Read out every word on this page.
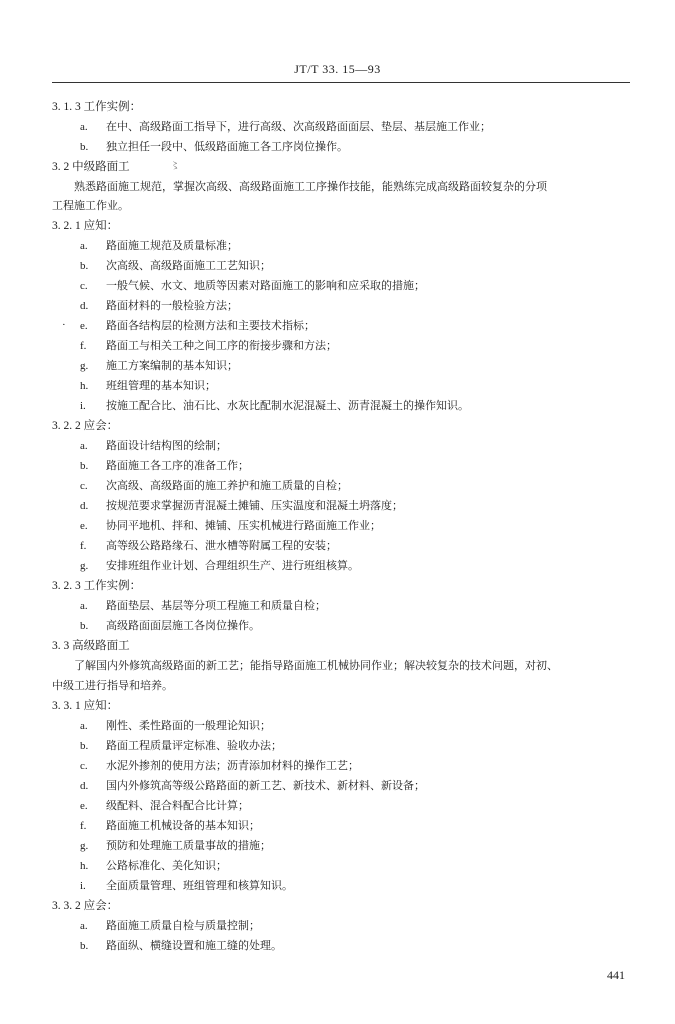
JT/T 33. 15—93
3. 1. 3 工作实例：
a. 在中、高级路面工指导下，进行高级、次高级路面面层、垫层、基层施工作业；
b. 独立担任一段中、低级路面施工各工序岗位操作。
3. 2 中级路面工	〻
熟悉路面施工规范，掌握次高级、高级路面施工工序操作技能，能熟练完成高级路面较复杂的分项
工程施工作业。
3. 2. 1 应知：
a. 路面施工规范及质量标准；
b. 次高级、高级路面施工工艺知识；
c. 一般气候、水文、地质等因素对路面施工的影响和应采取的措施；
d. 路面材料的一般检验方法；
· e. 路面各结构层的检测方法和主要技术指标；
f. 路面工与相关工种之间工序的衔接步骤和方法；
g. 施工方案编制的基本知识；
h. 班组管理的基本知识；
i. 按施工配合比、油石比、水灰比配制水泥混凝土、沥青混凝土的操作知识。
3. 2. 2 应会：
a. 路面设计结构图的绘制；
b. 路面施工各工序的准备工作；
c. 次高级、高级路面的施工养护和施工质量的自检；
d. 按规范要求掌握沥青混凝土摊铺、压实温度和混凝土坍落度；
e. 协同平地机、拌和、摊铺、压实机械进行路面施工作业；
f. 高等级公路路缘石、泄水槽等附属工程的安装；
g. 安排班组作业计划、合理组织生产、进行班组核算。
3. 2. 3 工作实例：
a. 路面垫层、基层等分项工程施工和质量自检；
b. 高级路面面层施工各岗位操作。
3. 3 高级路面工
了解国内外修筑高级路面的新工艺；能指导路面施工机械协同作业；解决较复杂的技术问题，对初、
中级工进行指导和培养。
3. 3. 1 应知：
a. 刚性、柔性路面的一般理论知识；
b. 路面工程质量评定标准、验收办法；
c. 水泥外掺剂的使用方法；沥青添加材料的操作工艺；
d. 国内外修筑高等级公路路面的新工艺、新技术、新材料、新设备；
e. 级配料、混合料配合比计算；
f. 路面施工机械设备的基本知识；
g. 预防和处理施工质量事故的措施；
h. 公路标准化、美化知识；
i. 全面质量管理、班组管理和核算知识。
3. 3. 2 应会：
a. 路面施工质量自检与质量控制；
b. 路面纵、横缝设置和施工缝的处理。
441
